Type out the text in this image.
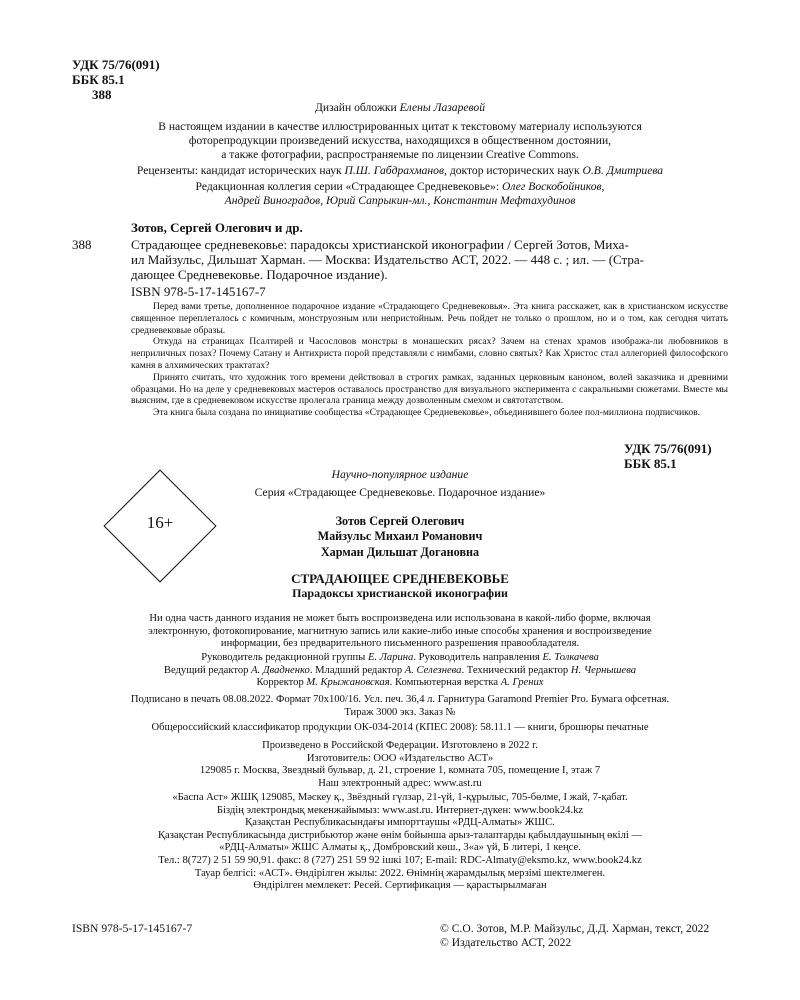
УДК 75/76(091)
ББК 85.1
388
Дизайн обложки Елены Лазаревой
В настоящем издании в качестве иллюстрированных цитат к текстовому материалу используются
фоторепродукции произведений искусства, находящихся в общественном достоянии,
а также фотографии, распространяемые по лицензии Creative Commons.
Рецензенты: кандидат исторических наук П.Ш. Габдрахманов, доктор исторических наук О.В. Дмитриева
Редакционная коллегия серии «Страдающее Средневековье»: Олег Воскобойников,
Андрей Виноградов, Юрий Сапрыкин-мл., Константин Мефтахудинов
Зотов, Сергей Олегович и др.
388	Страдающее средневековье: парадоксы христианской иконографии / Сергей Зотов, Миха-
ил Майзульс, Дильшат Харман. — Москва: Издательство АСТ, 2022. — 448 с. ; ил. — (Стра-
дающее Средневековье. Подарочное издание).
ISBN 978-5-17-145167-7

Перед вами третье, дополненное подарочное издание «Страдающего Средневековья». Эта книга расскажет, как в христианском искусстве священное переплеталось с комичным, монструозным или непристойным. Речь пойдет не только о прошлом, но и о том, как сегодня читать средневековые образы.

Откуда на страницах Псалтирей и Часословов монстры в монашеских рясах? Зачем на стенах храмов изобража-ли любовников в неприличных позах? Почему Сатану и Антихриста порой представляли с нимбами, словно святых? Как Христос стал аллегорией философского камня в алхимических трактатах?

Принято считать, что художник того времени действовал в строгих рамках, заданных церковным каноном, волей заказчика и древними образцами. Но на деле у средневековых мастеров оставалось пространство для визуального эксперимента с сакральными сюжетами. Вместе мы выясним, где в средневековом искусстве пролегала граница между дозволенным смехом и святотатством.

Эта книга была создана по инициативе сообщества «Страдающее Средневековье», объединившего более пол-миллиона подписчиков.

УДК 75/76(091)
ББК 85.1
Научно-популярное издание
Серия «Страдающее Средневековье. Подарочное издание»
16+	Зотов Сергей Олегович
Майзульс Михаил Романович
Харман Дильшат Догановна
СТРАДАЮЩЕЕ СРЕДНЕВЕКОВЬЕ
Парадоксы христианской иконографии
Ни одна часть данного издания не может быть воспроизведена или использована в какой-либо форме, включая
электронную, фотокопирование, магнитную запись или какие-либо иные способы хранения и воспроизведение
информации, без предварительного письменного разрешения правообладателя.
Руководитель редакционной группы Е. Ларина. Руководитель направления Е. Толкачева
Ведущий редактор А. Двадненко. Младший редактор А. Селезнева. Технический редактор Н. Чернышева
Корректор М. Крыжановская. Компьютерная верстка А. Грених
Подписано в печать 08.08.2022. Формат 70x100/16. Усл. печ. 36,4 л. Гарнитура Garamond Premier Pro. Бумага офсетная.
Тираж 3000 экз. Заказ №
Общероссийский классификатор продукции ОК-034-2014 (КПЕС 2008): 58.11.1 — книги, брошюры печатные
Произведено в Российской Федерации. Изготовлено в 2022 г.
Изготовитель: ООО «Издательство АСТ»
129085 г. Москва, Звездный бульвар, д. 21, строение 1, комната 705, помещение I, этаж 7
Наш электронный адрес: www.ast.ru
«Баспа Аст» ЖШҚ 129085, Мәскеу қ., Звёздный гүлзар, 21-үй, 1-құрылыс, 705-бөлме, I жай, 7-қабат.
Біздің электрондық мекенжайымыз: www.ast.ru. Интернет-дүкен: www.book24.kz
Қазақстан Республикасындағы импорттаушы «РДЦ-Алматы» ЖШС.
Қазақстан Республикасында дистрибьютор және өнім бойынша арыз-талаптарды қабылдаушының өкілі —
«РДЦ-Алматы» ЖШС Алматы қ., Домбровский көш., 3«а» үй, Б литері, 1 кеңсе.
Тел.: 8(727) 2 51 59 90,91. факс: 8 (727) 251 59 92 ішкі 107; E-mail: RDC-Almaty@eksmo.kz, www.book24.kz
Тауар белгісі: «АСТ». Өндірілген жылы: 2022. Өнімнің жарамдылық мерзімі шектелмеген.
Өндірілген мемлекет: Ресей. Сертификация — қарастырылмаған
ISBN 978-5-17-145167-7	© С.О. Зотов, М.Р. Майзульс, Д.Д. Харман, текст, 2022
© Издательство АСТ, 2022
